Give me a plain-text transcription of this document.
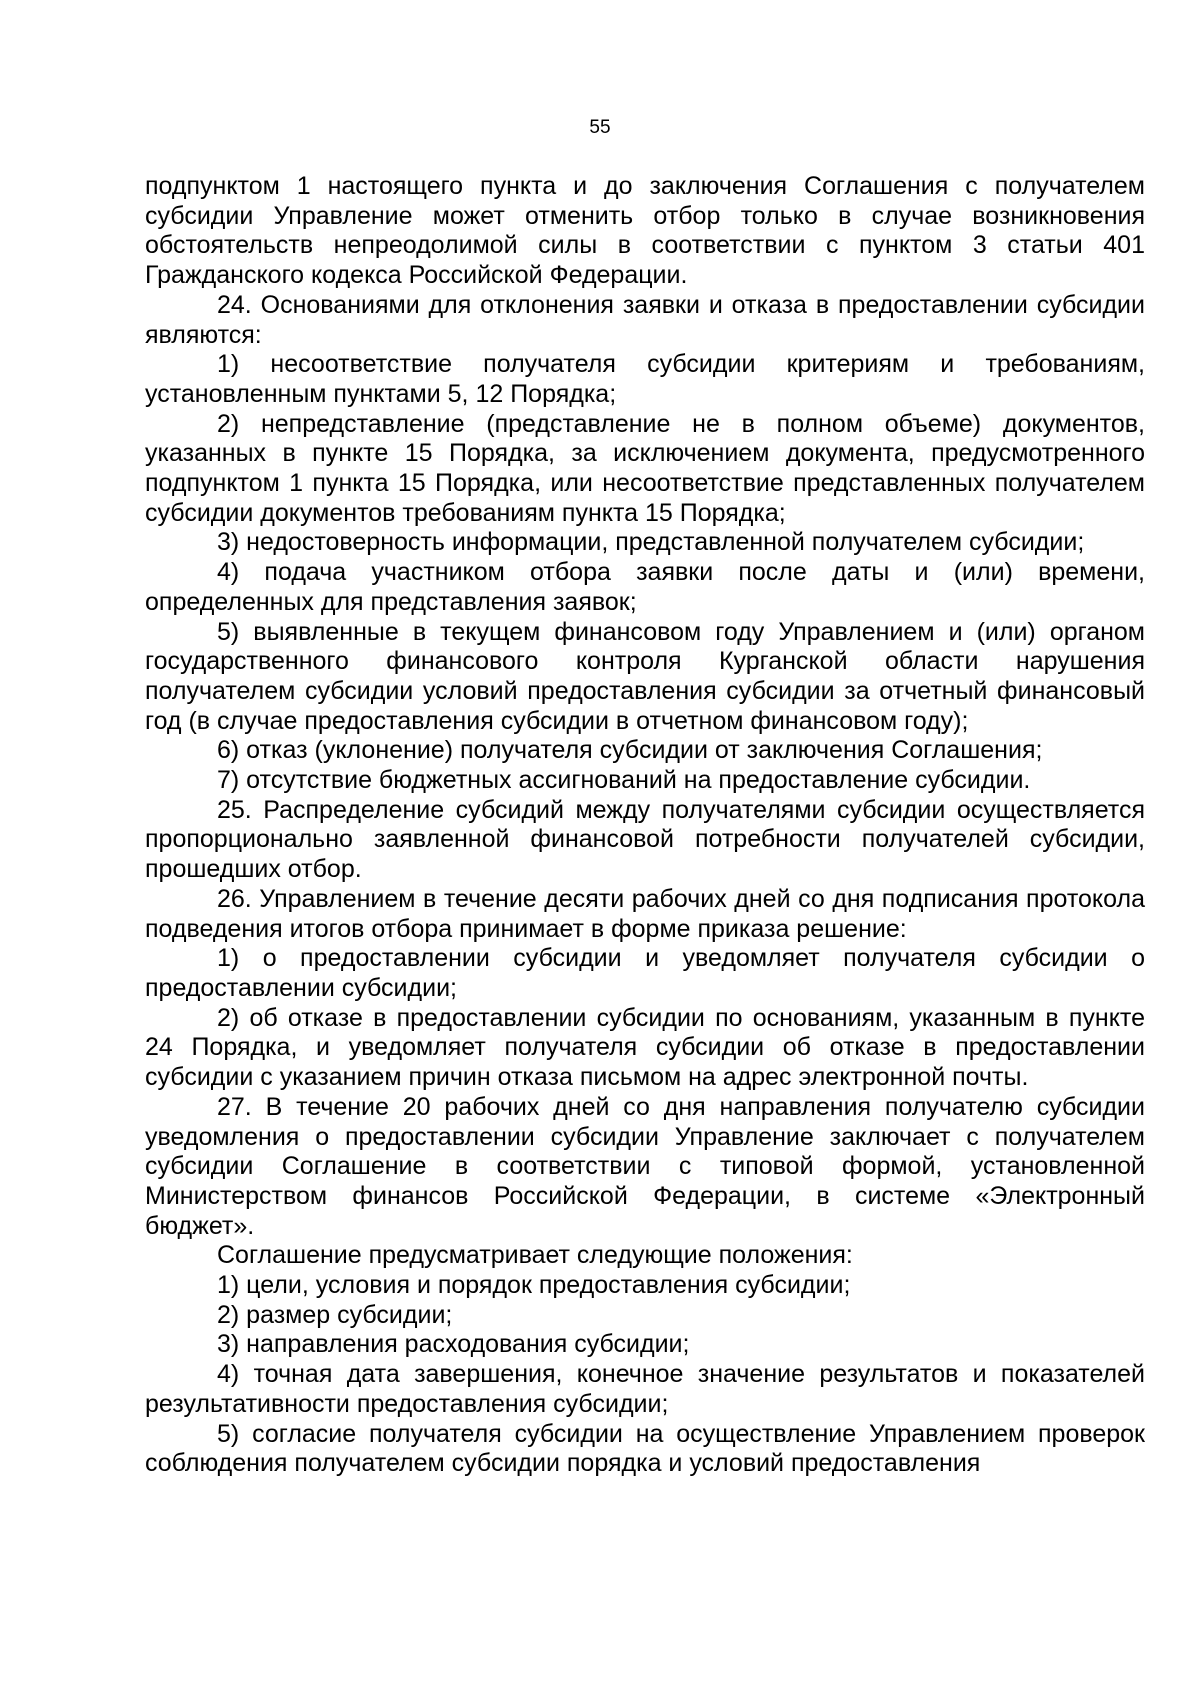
55

подпунктом 1 настоящего пункта и до заключения Соглашения с получателем субсидии Управление может отменить отбор только в случае возникновения обстоятельств непреодолимой силы в соответствии с пунктом 3 статьи 401 Гражданского кодекса Российской Федерации.

24. Основаниями для отклонения заявки и отказа в предоставлении субсидии являются:

1) несоответствие получателя субсидии критериям и требованиям, установленным пунктами 5, 12 Порядка;

2) непредставление (представление не в полном объеме) документов, указанных в пункте 15 Порядка, за исключением документа, предусмотренного подпунктом 1 пункта 15 Порядка, или несоответствие представленных получателем субсидии документов требованиям пункта 15 Порядка;

3) недостоверность информации, представленной получателем субсидии;

4) подача участником отбора заявки после даты и (или) времени, определенных для представления заявок;

5) выявленные в текущем финансовом году Управлением и (или) органом государственного финансового контроля Курганской области нарушения получателем субсидии условий предоставления субсидии за отчетный финансовый год (в случае предоставления субсидии в отчетном финансовом году);

6) отказ (уклонение) получателя субсидии от заключения Соглашения;

7) отсутствие бюджетных ассигнований на предоставление субсидии.

25. Распределение субсидий между получателями субсидии осуществляется пропорционально заявленной финансовой потребности получателей субсидии, прошедших отбор.

26. Управлением в течение десяти рабочих дней со дня подписания протокола подведения итогов отбора принимает в форме приказа решение:

1) о предоставлении субсидии и уведомляет получателя субсидии о предоставлении субсидии;

2) об отказе в предоставлении субсидии по основаниям, указанным в пункте 24 Порядка, и уведомляет получателя субсидии об отказе в предоставлении субсидии с указанием причин отказа письмом на адрес электронной почты.

27. В течение 20 рабочих дней со дня направления получателю субсидии уведомления о предоставлении субсидии Управление заключает с получателем субсидии Соглашение в соответствии с типовой формой, установленной Министерством финансов Российской Федерации, в системе «Электронный бюджет».

Соглашение предусматривает следующие положения:

1) цели, условия и порядок предоставления субсидии;

2) размер субсидии;

3) направления расходования субсидии;

4) точная дата завершения, конечное значение результатов и показателей результативности предоставления субсидии;

5) согласие получателя субсидии на осуществление Управлением проверок соблюдения получателем субсидии порядка и условий предоставления
